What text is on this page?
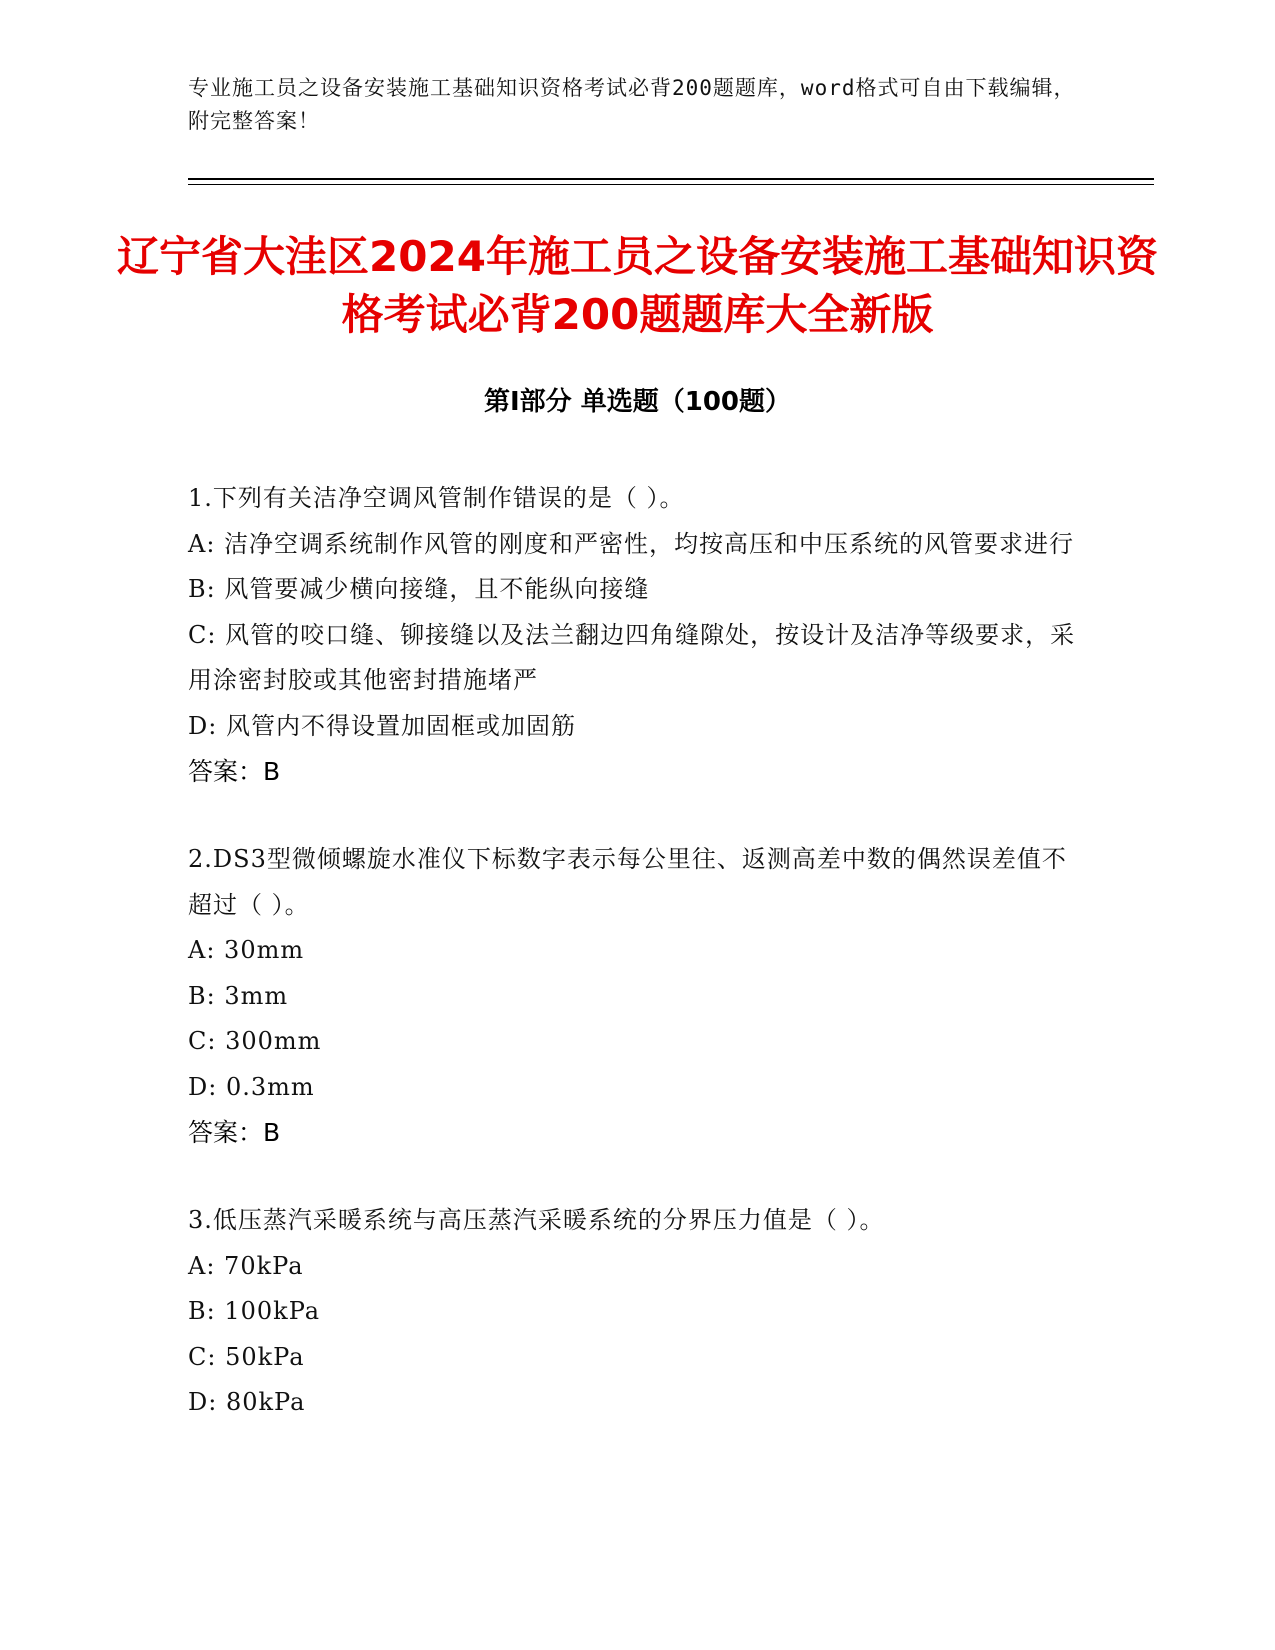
专业施工员之设备安装施工基础知识资格考试必背200题题库，word格式可自由下载编辑，附完整答案！
辽宁省大洼区2024年施工员之设备安装施工基础知识资格考试必背200题题库大全新版
第Ⅰ部分 单选题（100题）
1.下列有关洁净空调风管制作错误的是（ ）。
A: 洁净空调系统制作风管的刚度和严密性，均按高压和中压系统的风管要求进行
B: 风管要减少横向接缝，且不能纵向接缝
C: 风管的咬口缝、铆接缝以及法兰翻边四角缝隙处，按设计及洁净等级要求，采用涂密封胶或其他密封措施堵严
D: 风管内不得设置加固框或加固筋
答案：B
2.DS3型微倾螺旋水准仪下标数字表示每公里往、返测高差中数的偶然误差值不超过（ ）。
A: 30mm
B: 3mm
C: 300mm
D: 0.3mm
答案：B
3.低压蒸汽采暖系统与高压蒸汽采暖系统的分界压力值是（ ）。
A: 70kPa
B: 100kPa
C: 50kPa
D: 80kPa
